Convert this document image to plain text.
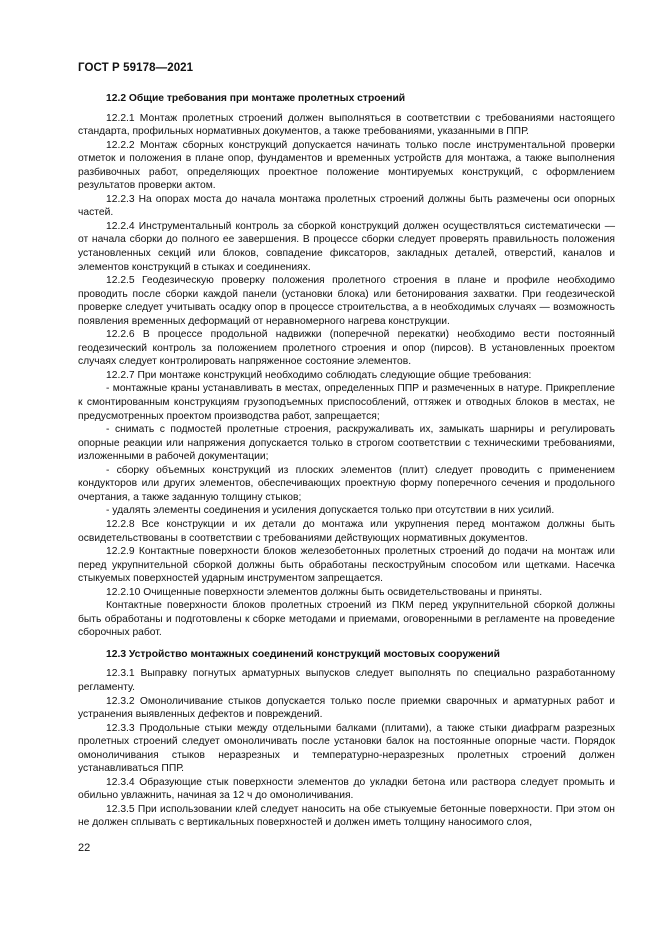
ГОСТ Р 59178—2021
12.2 Общие требования при монтаже пролетных строений

12.2.1 Монтаж пролетных строений должен выполняться в соответствии с требованиями настоящего стандарта, профильных нормативных документов, а также требованиями, указанными в ППР.

12.2.2 Монтаж сборных конструкций допускается начинать только после инструментальной проверки отметок и положения в плане опор, фундаментов и временных устройств для монтажа, а также выполнения разбивочных работ, определяющих проектное положение монтируемых конструкций, с оформлением результатов проверки актом.

12.2.3 На опорах моста до начала монтажа пролетных строений должны быть размечены оси опорных частей.

12.2.4 Инструментальный контроль за сборкой конструкций должен осуществляться систематически — от начала сборки до полного ее завершения. В процессе сборки следует проверять правильность положения установленных секций или блоков, совпадение фиксаторов, закладных деталей, отверстий, каналов и элементов конструкций в стыках и соединениях.

12.2.5 Геодезическую проверку положения пролетного строения в плане и профиле необходимо проводить после сборки каждой панели (установки блока) или бетонирования захватки. При геодезической проверке следует учитывать осадку опор в процессе строительства, а в необходимых случаях — возможность появления временных деформаций от неравномерного нагрева конструкции.

12.2.6 В процессе продольной надвижки (поперечной перекатки) необходимо вести постоянный геодезический контроль за положением пролетного строения и опор (пирсов). В установленных проектом случаях следует контролировать напряженное состояние элементов.

12.2.7 При монтаже конструкций необходимо соблюдать следующие общие требования:

- монтажные краны устанавливать в местах, определенных ППР и размеченных в натуре. Прикрепление к смонтированным конструкциям грузоподъемных приспособлений, оттяжек и отводных блоков в местах, не предусмотренных проектом производства работ, запрещается;

- снимать с подмостей пролетные строения, раскружаливать их, замыкать шарниры и регулировать опорные реакции или напряжения допускается только в строгом соответствии с техническими требованиями, изложенными в рабочей документации;

- сборку объемных конструкций из плоских элементов (плит) следует проводить с применением кондукторов или других элементов, обеспечивающих проектную форму поперечного сечения и продольного очертания, а также заданную толщину стыков;

- удалять элементы соединения и усиления допускается только при отсутствии в них усилий.

12.2.8 Все конструкции и их детали до монтажа или укрупнения перед монтажом должны быть освидетельствованы в соответствии с требованиями действующих нормативных документов.

12.2.9 Контактные поверхности блоков железобетонных пролетных строений до подачи на монтаж или перед укрупнительной сборкой должны быть обработаны пескоструйным способом или щетками. Насечка стыкуемых поверхностей ударным инструментом запрещается.

12.2.10 Очищенные поверхности элементов должны быть освидетельствованы и приняты.

Контактные поверхности блоков пролетных строений из ПКМ перед укрупнительной сборкой должны быть обработаны и подготовлены к сборке методами и приемами, оговоренными в регламенте на проведение сборочных работ.

12.3 Устройство монтажных соединений конструкций мостовых сооружений

12.3.1 Выправку погнутых арматурных выпусков следует выполнять по специально разработанному регламенту.

12.3.2 Омоноличивание стыков допускается только после приемки сварочных и арматурных работ и устранения выявленных дефектов и повреждений.

12.3.3 Продольные стыки между отдельными балками (плитами), а также стыки диафрагм разрезных пролетных строений следует омоноличивать после установки балок на постоянные опорные части. Порядок омоноличивания стыков неразрезных и температурно-неразрезных пролетных строений должен устанавливаться ППР.

12.3.4 Образующие стык поверхности элементов до укладки бетона или раствора следует промыть и обильно увлажнить, начиная за 12 ч до омоноличивания.

12.3.5 При использовании клей следует наносить на обе стыкуемые бетонные поверхности. При этом он не должен сплывать с вертикальных поверхностей и должен иметь толщину наносимого слоя,

22
